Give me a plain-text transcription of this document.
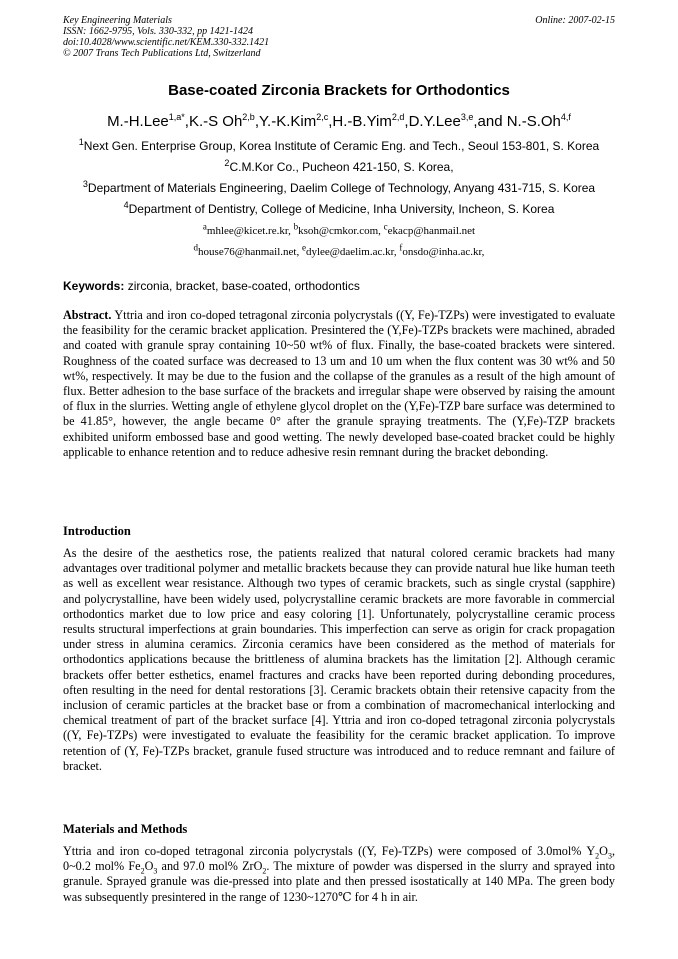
Key Engineering Materials
ISSN: 1662-9795, Vols. 330-332, pp 1421-1424
doi:10.4028/www.scientific.net/KEM.330-332.1421
© 2007 Trans Tech Publications Ltd, Switzerland
Online: 2007-02-15
Base-coated Zirconia Brackets for Orthodontics
M.-H.Lee$^{1,a*}$,K.-S Oh$^{2,b}$,Y.-K.Kim$^{2,c}$,H.-B.Yim$^{2,d}$,D.Y.Lee$^{3,e}$,and N.-S.Oh$^{4,f}$
$^1$Next Gen. Enterprise Group, Korea Institute of Ceramic Eng. and Tech., Seoul 153-801, S. Korea
$^2$C.M.Kor Co., Pucheon 421-150, S. Korea,
$^3$Department of Materials Engineering, Daelim College of Technology, Anyang 431-715, S. Korea
$^4$Department of Dentistry, College of Medicine, Inha University, Incheon, S. Korea
$^a$mhlee@kicet.re.kr, $^b$ksoh@cmkor.com, $^c$ekacp@hanmail.net
$^d$house76@hanmail.net, $^e$dylee@daelim.ac.kr, $^f$onsdo@inha.ac.kr,
Keywords: zirconia, bracket, base-coated, orthodontics
Abstract. Yttria and iron co-doped tetragonal zirconia polycrystals ((Y, Fe)-TZPs) were investigated to evaluate the feasibility for the ceramic bracket application. Presintered the (Y,Fe)-TZPs brackets were machined, abraded and coated with granule spray containing 10~50 wt% of flux. Finally, the base-coated brackets were sintered. Roughness of the coated surface was decreased to 13 um and 10 um when the flux content was 30 wt% and 50 wt%, respectively. It may be due to the fusion and the collapse of the granules as a result of the high amount of flux. Better adhesion to the base surface of the brackets and irregular shape were observed by raising the amount of flux in the slurries. Wetting angle of ethylene glycol droplet on the (Y,Fe)-TZP bare surface was determined to be 41.85°, however, the angle became 0° after the granule spraying treatments. The (Y,Fe)-TZP brackets exhibited uniform embossed base and good wetting. The newly developed base-coated bracket could be highly applicable to enhance retention and to reduce adhesive resin remnant during the bracket debonding.
Introduction
As the desire of the aesthetics rose, the patients realized that natural colored ceramic brackets had many advantages over traditional polymer and metallic brackets because they can provide natural hue like human teeth as well as excellent wear resistance. Although two types of ceramic brackets, such as single crystal (sapphire) and polycrystalline, have been widely used, polycrystalline ceramic brackets are more favorable in commercial orthodontics market due to low price and easy coloring [1]. Unfortunately, polycrystalline ceramic process results structural imperfections at grain boundaries. This imperfection can serve as origin for crack propagation under stress in alumina ceramics. Zirconia ceramics have been considered as the method of materials for orthodontics applications because the brittleness of alumina brackets has the limitation [2]. Although ceramic brackets offer better esthetics, enamel fractures and cracks have been reported during debonding procedures, often resulting in the need for dental restorations [3]. Ceramic brackets obtain their retensive capacity from the inclusion of ceramic particles at the bracket base or from a combination of macromechanical interlocking and chemical treatment of part of the bracket surface [4]. Yttria and iron co-doped tetragonal zirconia polycrystals ((Y, Fe)-TZPs) were investigated to evaluate the feasibility for the ceramic bracket application. To improve retention of (Y, Fe)-TZPs bracket, granule fused structure was introduced and to reduce remnant and failure of bracket.
Materials and Methods
Yttria and iron co-doped tetragonal zirconia polycrystals ((Y, Fe)-TZPs) were composed of 3.0mol% $Y_2O_3$, 0~0.2 mol% $Fe_2O_3$ and 97.0 mol% ZrO$_2$. The mixture of powder was dispersed in the slurry and sprayed into granule. Sprayed granule was die-pressed into plate and then pressed isostatically at 140 MPa. The green body was subsequently presintered in the range of 1230~1270℃ for 4 h in air.
